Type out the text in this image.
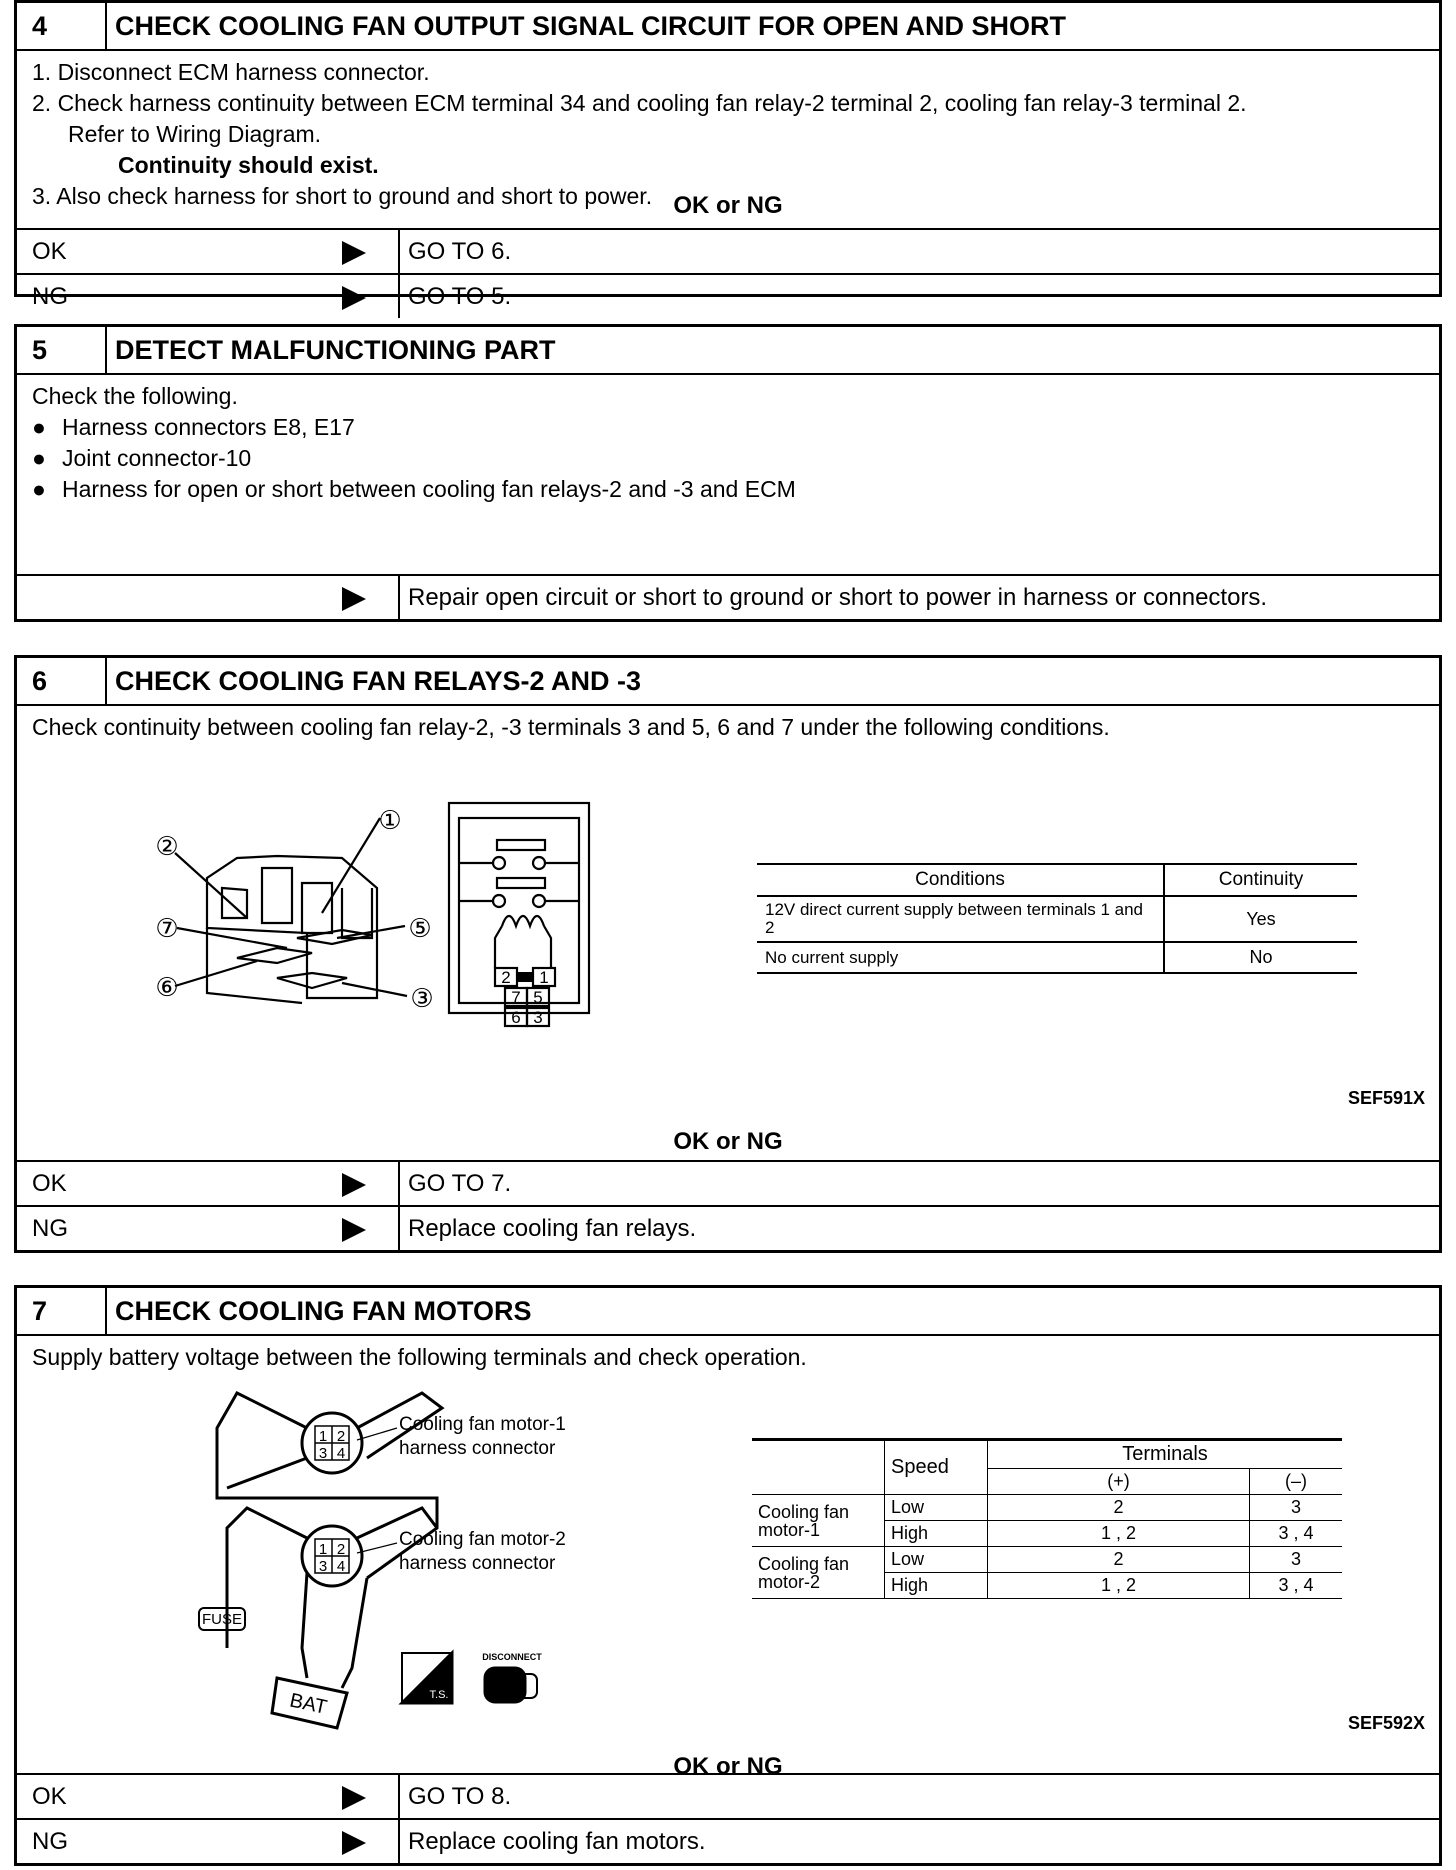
4	CHECK COOLING FAN OUTPUT SIGNAL CIRCUIT FOR OPEN AND SHORT
1. Disconnect ECM harness connector.
2. Check harness continuity between ECM terminal 34 and cooling fan relay-2 terminal 2, cooling fan relay-3 terminal 2.
Refer to Wiring Diagram.
Continuity should exist.
3. Also check harness for short to ground and short to power. OK or NG
OK	GO TO 6.
NG	GO TO 5.
5	DETECT MALFUNCTIONING PART
Check the following.
● Harness connectors E8, E17
● Joint connector-10
● Harness for open or short between cooling fan relays-2 and -3 and ECM
Repair open circuit or short to ground or short to power in harness or connectors.
6	CHECK COOLING FAN RELAYS-2 AND -3
Check continuity between cooling fan relay-2, -3 terminals 3 and 5, 6 and 7 under the following conditions.
2 1
7 5
6 3
①
②
③
⑤
⑥
⑦
Conditions	Continuity
12V direct current supply between terminals 1 and 2	Yes
No current supply	No
SEF591X
OK or NG
OK	GO TO 7.
NG	Replace cooling fan relays.
7	CHECK COOLING FAN MOTORS
Supply battery voltage between the following terminals and check operation.
1 2
3 4
1 2
3 4
FUSE
BAT	T.S.
DISCONNECT
Cooling fan motor-1 harness connector
Cooling fan motor-2 harness connector
	Speed	Terminals	
		(+)	(–)
Cooling fan motor-1	Low	2	3
	High	1 , 2	3 , 4
Cooling fan motor-2	Low	2	3
	High	1 , 2	3 , 4
SEF592X
OK or NG
OK	GO TO 8.
NG	Replace cooling fan motors.
